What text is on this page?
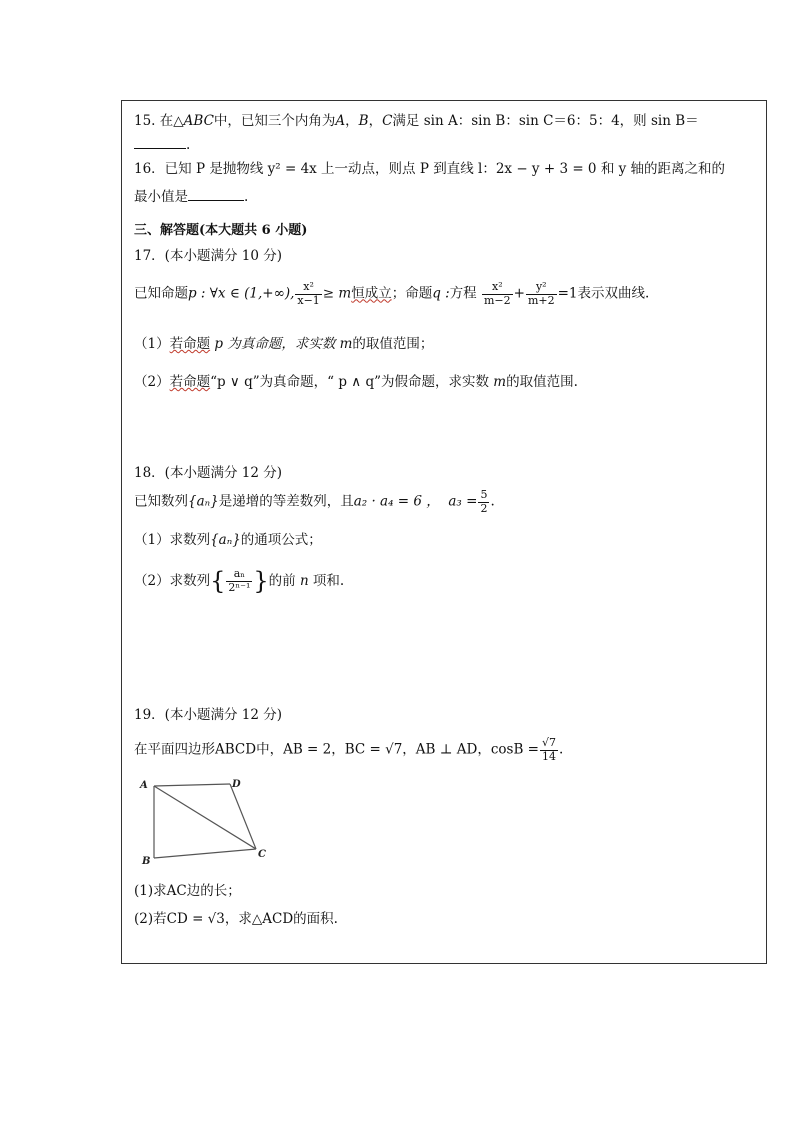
15. 在△ABC中，已知三个内角为A，B，C满足 sin A：sin B：sin C＝6：5：4，则 sin B＝
.
16．已知 P 是抛物线 y² = 4x 上一动点，则点 P 到直线 l：2x − y + 3 = 0 和 y 轴的距离之和的
最小值是	.
三、解答题(本大题共 6 小题)
17．(本小题满分 10 分)
已知命题p : ∀x ∈ (1,+∞), $\frac{\text{x²}}{x-1} \ge m$恒成立；命题q :方程 $\frac{\text{x²}}{m-2} + \frac{\text{y²}}{m+2} =1$表示双曲线.
（1）若命题 p 为真命题，求实数 m的取值范围；
（2）若命题“p ∨ q”为真命题，“ p ∧ q”为假命题，求实数 m的取值范围.
18．(本小题满分 12 分)
已知数列{aₙ}是递增的等差数列，且a₂ · a₄ = 6 ， $a_3 = \frac{5}{2}$ .
（1）求数列{aₙ}的通项公式；
（2）求数列{ $\frac{\text{aₙ}}{\text{2ⁿ⁻¹}}$ }的前 n 项和.
19．(本小题满分 12 分)
在平面四边形ABCD中，AB = 2，BC = √7，AB ⊥ AD，$\cos B = \frac{√7}{14}$ .
A	D
B
C
(1)求AC边的长；
(2)若CD = √3，求△ACD的面积.
